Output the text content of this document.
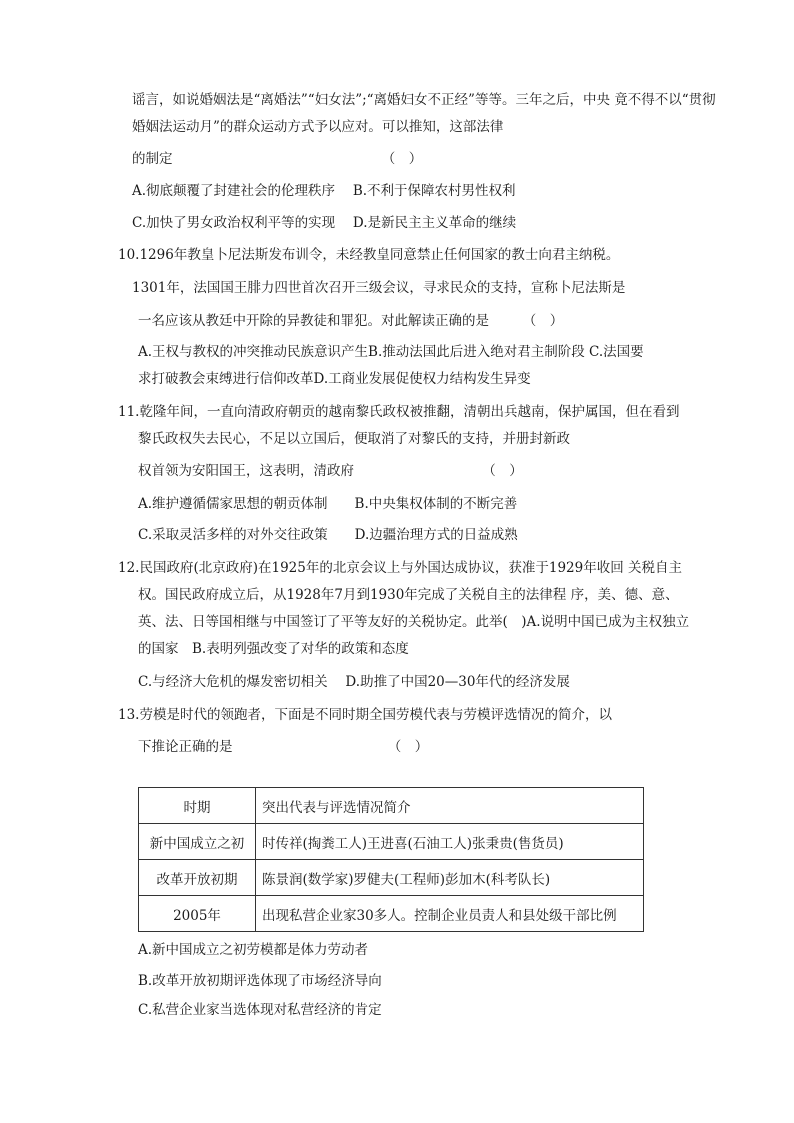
谣言，如说婚姻法是“离婚法”“妇女法”;“离婚妇女不正经”等等。三年之后，中央 竟不得不以“贯彻
婚姻法运动月”的群众运动方式予以应对。可以推知，这部法律
的制定　　　　　　　　　　　　　　　　（　）
A.彻底颠覆了封建社会的伦理秩序　 B.不利于保障农村男性权利
C.加快了男女政治权利平等的实现　 D.是新民主主义革命的继续
10.1296年教皇卜尼法斯发布训令，未经教皇同意禁止任何国家的教士向君主纳税。
1301年，法国国王腓力四世首次召开三级会议，寻求民众的支持，宣称卜尼法斯是
一名应该从教廷中开除的异教徒和罪犯。对此解读正确的是　　　（　）
A.王权与教权的冲突推动民族意识产生B.推动法国此后进入绝对君主制阶段 C.法国要
求打破教会束缚进行信仰改革D.工商业发展促使权力结构发生异变
11.乾隆年间，一直向清政府朝贡的越南黎氏政权被推翻，清朝出兵越南，保护属国，但在看到
黎氏政权失去民心，不足以立国后，便取消了对黎氏的支持，并册封新政
权首领为安阳国王，这表明，清政府　　　　　　　　　　（　）
A.维护遵循儒家思想的朝贡体制　　B.中央集权体制的不断完善
C.采取灵活多样的对外交往政策　　D.边疆治理方式的日益成熟
12.民国政府(北京政府)在1925年的北京会议上与外国达成协议，获准于1929年收回 关税自主
权。国民政府成立后，从1928年7月到1930年完成了关税自主的法律程 序，美、德、意、
英、法、日等国相继与中国签订了平等友好的关税协定。此举(　)A.说明中国已成为主权独立
的国家　B.表明列强改变了对华的政策和态度
C.与经济大危机的爆发密切相关　 D.助推了中国20—30年代的经济发展
13.劳模是时代的领跑者，下面是不同时期全国劳模代表与劳模评选情况的简介，以
下推论正确的是　　　　　　　　　　　　（　）
时期	突出代表与评选情况简介
新中国成立之初	时传祥(掏粪工人)王进喜(石油工人)张秉贵(售货员)
改革开放初期	陈景润(数学家)罗健夫(工程师)彭加木(科考队长)
2005年	出现私营企业家30多人。控制企业员责人和县处级干部比例
A.新中国成立之初劳模都是体力劳动者
B.改革开放初期评选体现了市场经济导向
C.私营企业家当选体现对私营经济的肯定
